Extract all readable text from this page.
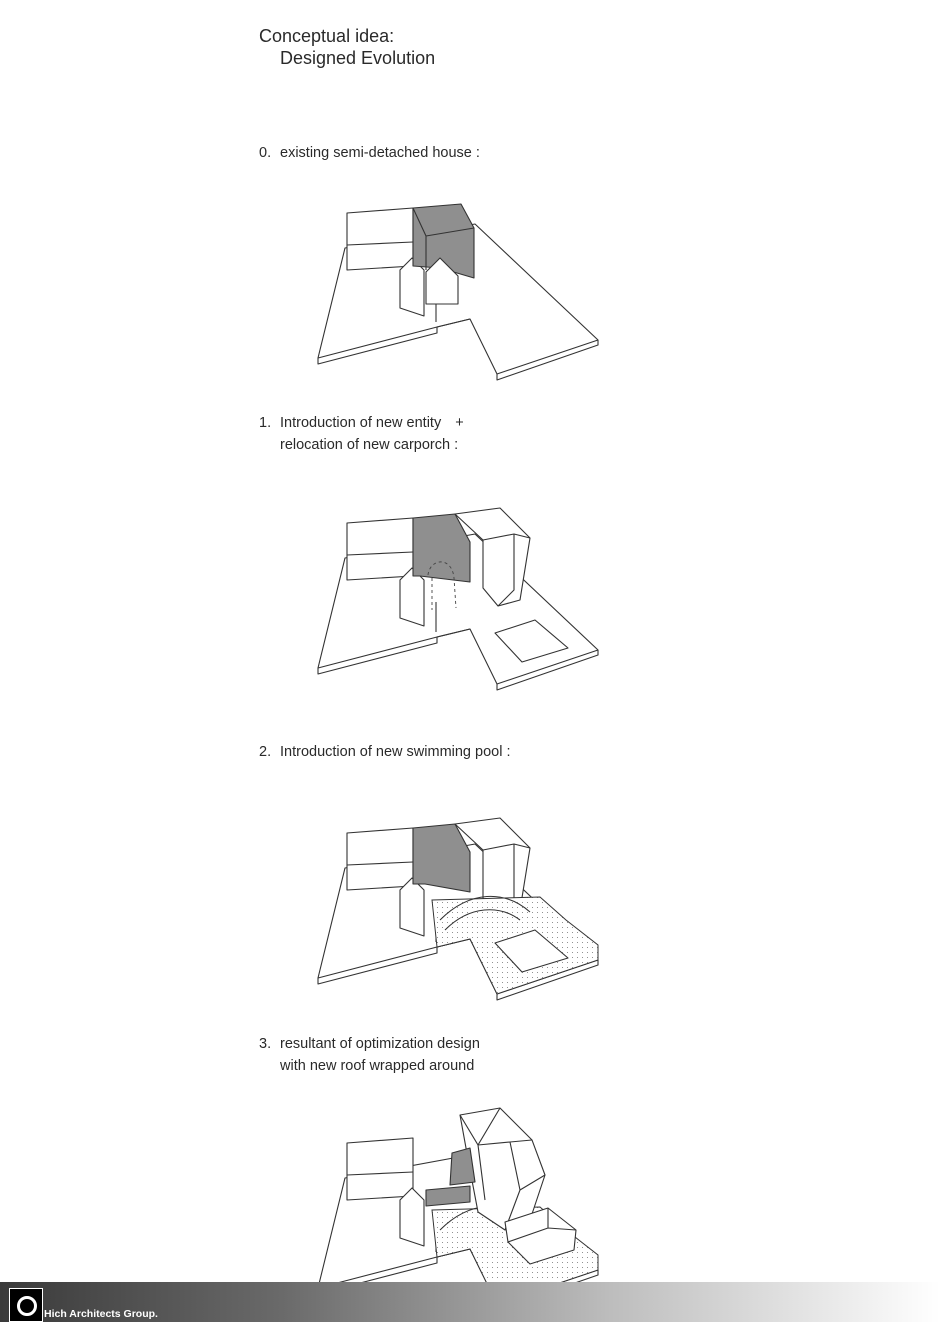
Conceptual idea:
Designed Evolution
0. existing semi-detached house :
1. Introduction of new entity +
relocation of new carporch :
2. Introduction of new swimming pool :
3. resultant of optimization design
with new roof wrapped around
Hich Architects Group.
